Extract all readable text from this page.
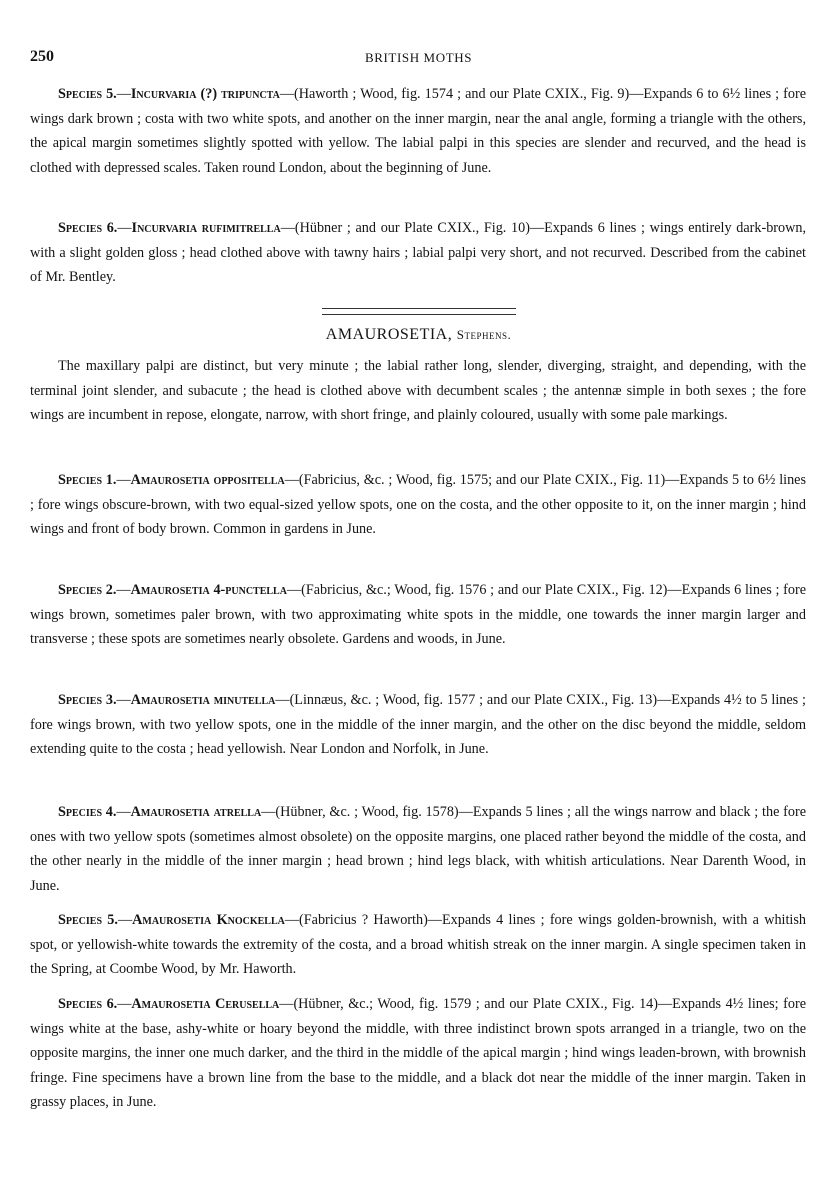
250	BRITISH MOTHS

Species 5.—Incurvaria (?) tripuncta—(Haworth ; Wood, fig. 1574 ; and our Plate CXIX., Fig. 9)—Expands 6 to 6½ lines ; fore wings dark brown ; costa with two white spots, and another on the inner margin, near the anal angle, forming a triangle with the others, the apical margin sometimes slightly spotted with yellow. The labial palpi in this species are slender and recurved, and the head is clothed with depressed scales. Taken round London, about the beginning of June.

Species 6.—Incurvaria rufimitrella—(Hübner ; and our Plate CXIX., Fig. 10)—Expands 6 lines ; wings entirely dark-brown, with a slight golden gloss ; head clothed above with tawny hairs ; labial palpi very short, and not recurved. Described from the cabinet of Mr. Bentley.

AMAUROSETIA, Stephens.

The maxillary palpi are distinct, but very minute ; the labial rather long, slender, diverging, straight, and depending, with the terminal joint slender, and subacute ; the head is clothed above with decumbent scales ; the antennæ simple in both sexes ; the fore wings are incumbent in repose, elongate, narrow, with short fringe, and plainly coloured, usually with some pale markings.

Species 1.—Amaurosetia oppositella—(Fabricius, &c. ; Wood, fig. 1575; and our Plate CXIX., Fig. 11)—Expands 5 to 6½ lines ; fore wings obscure-brown, with two equal-sized yellow spots, one on the costa, and the other opposite to it, on the inner margin ; hind wings and front of body brown. Common in gardens in June.

Species 2.—Amaurosetia 4-punctella—(Fabricius, &c.; Wood, fig. 1576 ; and our Plate CXIX., Fig. 12)—Expands 6 lines ; fore wings brown, sometimes paler brown, with two approximating white spots in the middle, one towards the inner margin larger and transverse ; these spots are sometimes nearly obsolete. Gardens and woods, in June.

Species 3.—Amaurosetia minutella—(Linnæus, &c. ; Wood, fig. 1577 ; and our Plate CXIX., Fig. 13)—Expands 4½ to 5 lines ; fore wings brown, with two yellow spots, one in the middle of the inner margin, and the other on the disc beyond the middle, seldom extending quite to the costa ; head yellowish. Near London and Norfolk, in June.

Species 4.—Amaurosetia atrella—(Hübner, &c. ; Wood, fig. 1578)—Expands 5 lines ; all the wings narrow and black ; the fore ones with two yellow spots (sometimes almost obsolete) on the opposite margins, one placed rather beyond the middle of the costa, and the other nearly in the middle of the inner margin ; head brown ; hind legs black, with whitish articulations. Near Darenth Wood, in June.

Species 5.—Amaurosetia Knockella—(Fabricius ? Haworth)—Expands 4 lines ; fore wings golden-brownish, with a whitish spot, or yellowish-white towards the extremity of the costa, and a broad whitish streak on the inner margin. A single specimen taken in the Spring, at Coombe Wood, by Mr. Haworth.

Species 6.—Amaurosetia Cerusella—(Hübner, &c.; Wood, fig. 1579 ; and our Plate CXIX., Fig. 14)—Expands 4½ lines; fore wings white at the base, ashy-white or hoary beyond the middle, with three indistinct brown spots arranged in a triangle, two on the opposite margins, the inner one much darker, and the third in the middle of the apical margin ; hind wings leaden-brown, with brownish fringe. Fine specimens have a brown line from the base to the middle, and a black dot near the middle of the inner margin. Taken in grassy places, in June.
